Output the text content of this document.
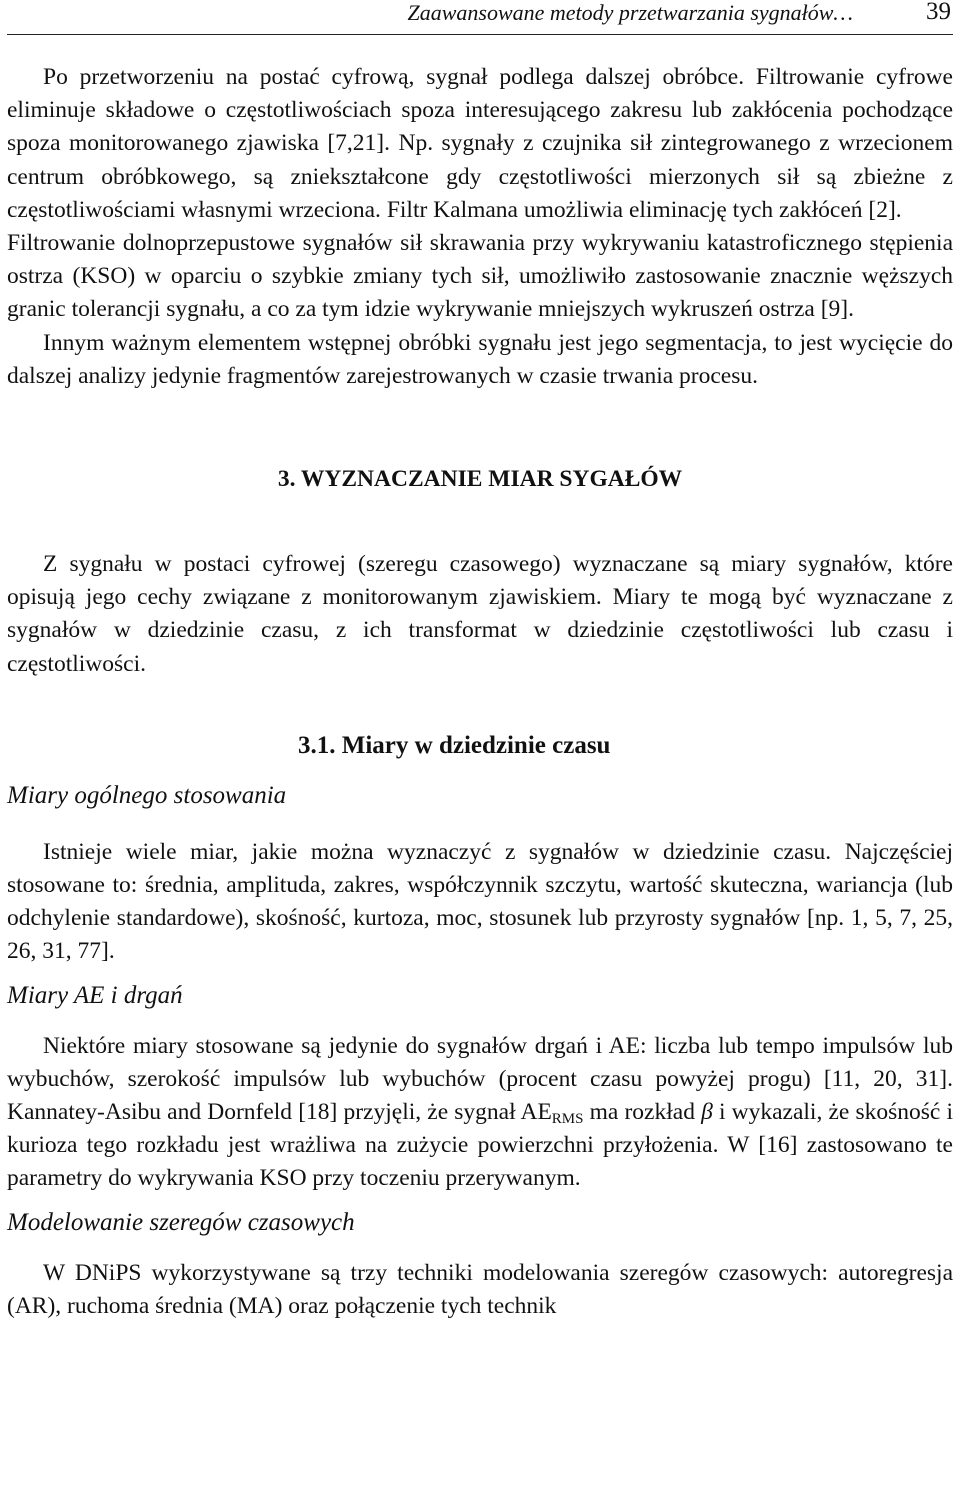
Zaawansowane metody przetwarzania sygnałów…	39

Po przetworzeniu na postać cyfrową, sygnał podlega dalszej obróbce. Filtrowanie cyfrowe eliminuje składowe o częstotliwościach spoza interesującego zakresu lub zakłócenia pochodzące spoza monitorowanego zjawiska [7,21]. Np. sygnały z czujnika sił zintegrowanego z wrzecionem centrum obróbkowego, są zniekształcone gdy częstotliwości mierzonych sił są zbieżne z częstotliwościami własnymi wrzeciona. Filtr Kalmana umożliwia eliminację tych zakłóceń [2].

Filtrowanie dolnoprzepustowe sygnałów sił skrawania przy wykrywaniu katastroficznego stępienia ostrza (KSO) w oparciu o szybkie zmiany tych sił, umożliwiło zastosowanie znacznie węższych granic tolerancji sygnału, a co za tym idzie wykrywanie mniejszych wykruszeń ostrza [9].

Innym ważnym elementem wstępnej obróbki sygnału jest jego segmentacja, to jest wycięcie do dalszej analizy jedynie fragmentów zarejestrowanych w czasie trwania procesu.

3. WYZNACZANIE MIAR SYGAŁÓW

Z sygnału w postaci cyfrowej (szeregu czasowego) wyznaczane są miary sygnałów, które opisują jego cechy związane z monitorowanym zjawiskiem. Miary te mogą być wyznaczane z sygnałów w dziedzinie czasu, z ich transformat w dziedzinie częstotliwości lub czasu i częstotliwości.

3.1. Miary w dziedzinie czasu
Miary ogólnego stosowania

Istnieje wiele miar, jakie można wyznaczyć z sygnałów w dziedzinie czasu. Najczęściej stosowane to: średnia, amplituda, zakres, współczynnik szczytu, wartość skuteczna, wariancja (lub odchylenie standardowe), skośność, kurtoza, moc, stosunek lub przyrosty sygnałów [np. 1, 5, 7, 25, 26, 31, 77].

Miary AE i drgań

Niektóre miary stosowane są jedynie do sygnałów drgań i AE: liczba lub tempo impulsów lub wybuchów, szerokość impulsów lub wybuchów (procent czasu powyżej progu) [11, 20, 31]. Kannatey-Asibu and Dornfeld [18] przyjęli, że sygnał $AE_{RMS}$ ma rozkład β i wykazali, że skośność i kurioza tego rozkładu jest wrażliwa na zużycie powierzchni przyłożenia. W [16] zastosowano te parametry do wykrywania KSO przy toczeniu przerywanym.

Modelowanie szeregów czasowych

W DNiPS wykorzystywane są trzy techniki modelowania szeregów czasowych: autoregresja (AR), ruchoma średnia (MA) oraz połączenie tych technik
